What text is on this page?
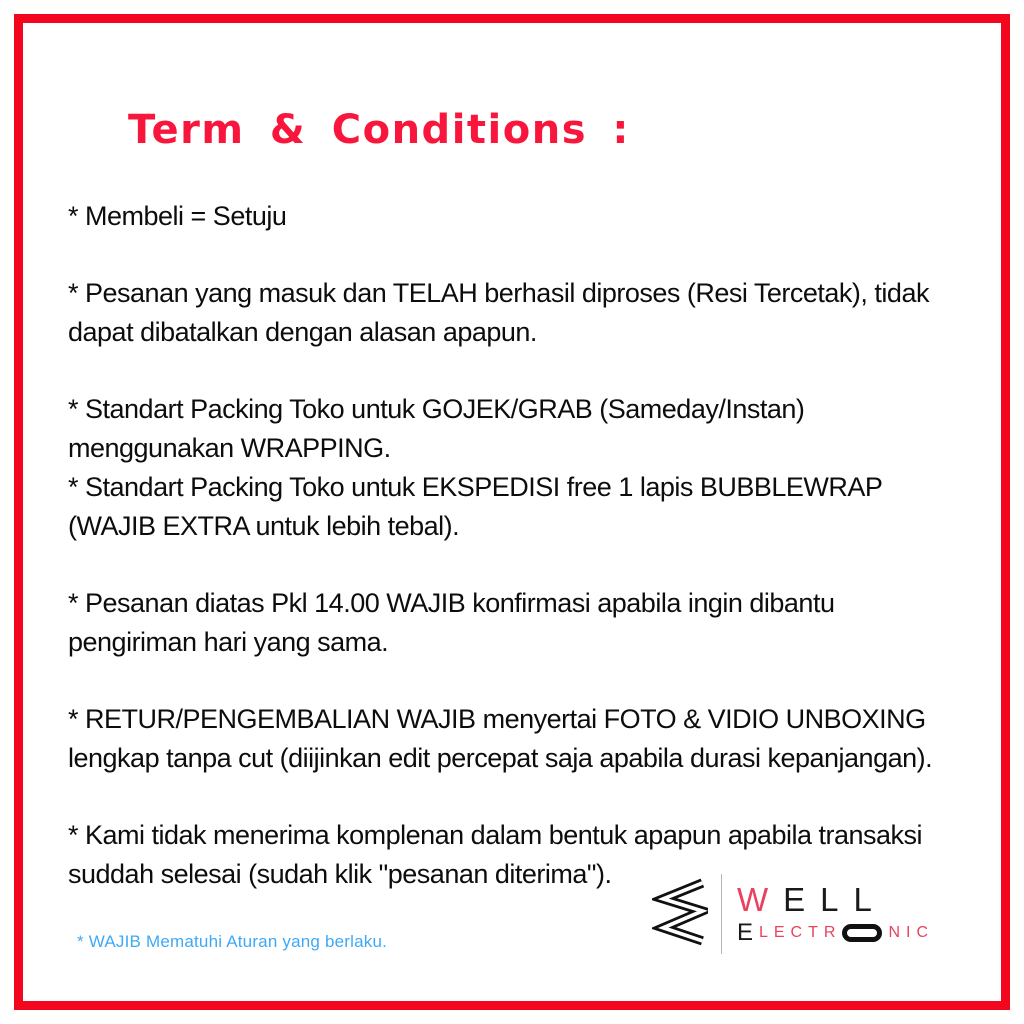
Term & Conditions :
* Membeli = Setuju
* Pesanan yang masuk dan TELAH berhasil diproses (Resi Tercetak), tidak
dapat dibatalkan dengan alasan apapun.
* Standart Packing Toko untuk GOJEK/GRAB (Sameday/Instan)
menggunakan WRAPPING.
* Standart Packing Toko untuk EKSPEDISI free 1 lapis BUBBLEWRAP
(WAJIB EXTRA untuk lebih tebal).
* Pesanan diatas Pkl 14.00 WAJIB konfirmasi apabila ingin dibantu
pengiriman hari yang sama.
* RETUR/PENGEMBALIAN WAJIB menyertai FOTO & VIDIO UNBOXING
lengkap tanpa cut (diijinkan edit percepat saja apabila durasi kepanjangan).
* Kami tidak menerima komplenan dalam bentuk apapun apabila transaksi
suddah selesai (sudah klik "pesanan diterima").
* WAJIB Mematuhi Aturan yang berlaku.
WELL
E LECTR	NIC
